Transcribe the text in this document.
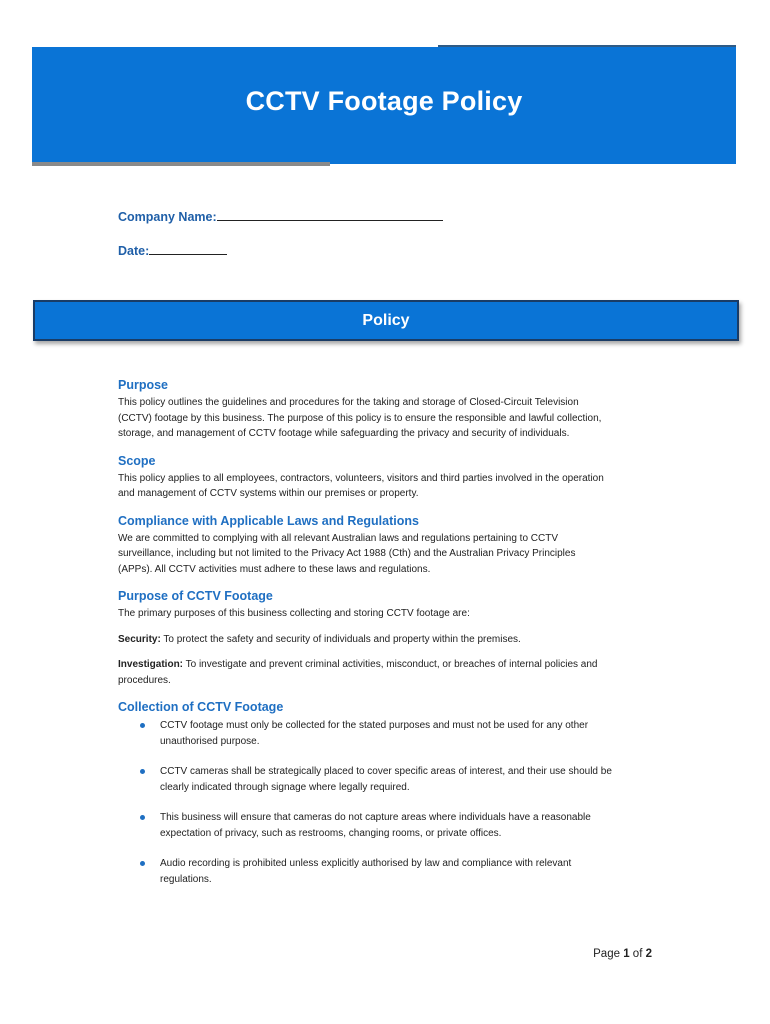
CCTV Footage Policy
Company Name:
Date:
Policy
Purpose

This policy outlines the guidelines and procedures for the taking and storage of Closed-Circuit Television

(CCTV) footage by this business. The purpose of this policy is to ensure the responsible and lawful collection,

storage, and management of CCTV footage while safeguarding the privacy and security of individuals.

Scope

This policy applies to all employees, contractors, volunteers, visitors and third parties involved in the operation

and management of CCTV systems within our premises or property.

Compliance with Applicable Laws and Regulations

We are committed to complying with all relevant Australian laws and regulations pertaining to CCTV

surveillance, including but not limited to the Privacy Act 1988 (Cth) and the Australian Privacy Principles

(APPs). All CCTV activities must adhere to these laws and regulations.

Purpose of CCTV Footage

The primary purposes of this business collecting and storing CCTV footage are:

Security: To protect the safety and security of individuals and property within the premises.

Investigation: To investigate and prevent criminal activities, misconduct, or breaches of internal policies and

procedures.

Collection of CCTV Footage
CCTV footage must only be collected for the stated purposes and must not be used for any other
unauthorised purpose.
CCTV cameras shall be strategically placed to cover specific areas of interest, and their use should be
clearly indicated through signage where legally required.
This business will ensure that cameras do not capture areas where individuals have a reasonable
expectation of privacy, such as restrooms, changing rooms, or private offices.
Audio recording is prohibited unless explicitly authorised by law and compliance with relevant
regulations.
Page 1 of 2
